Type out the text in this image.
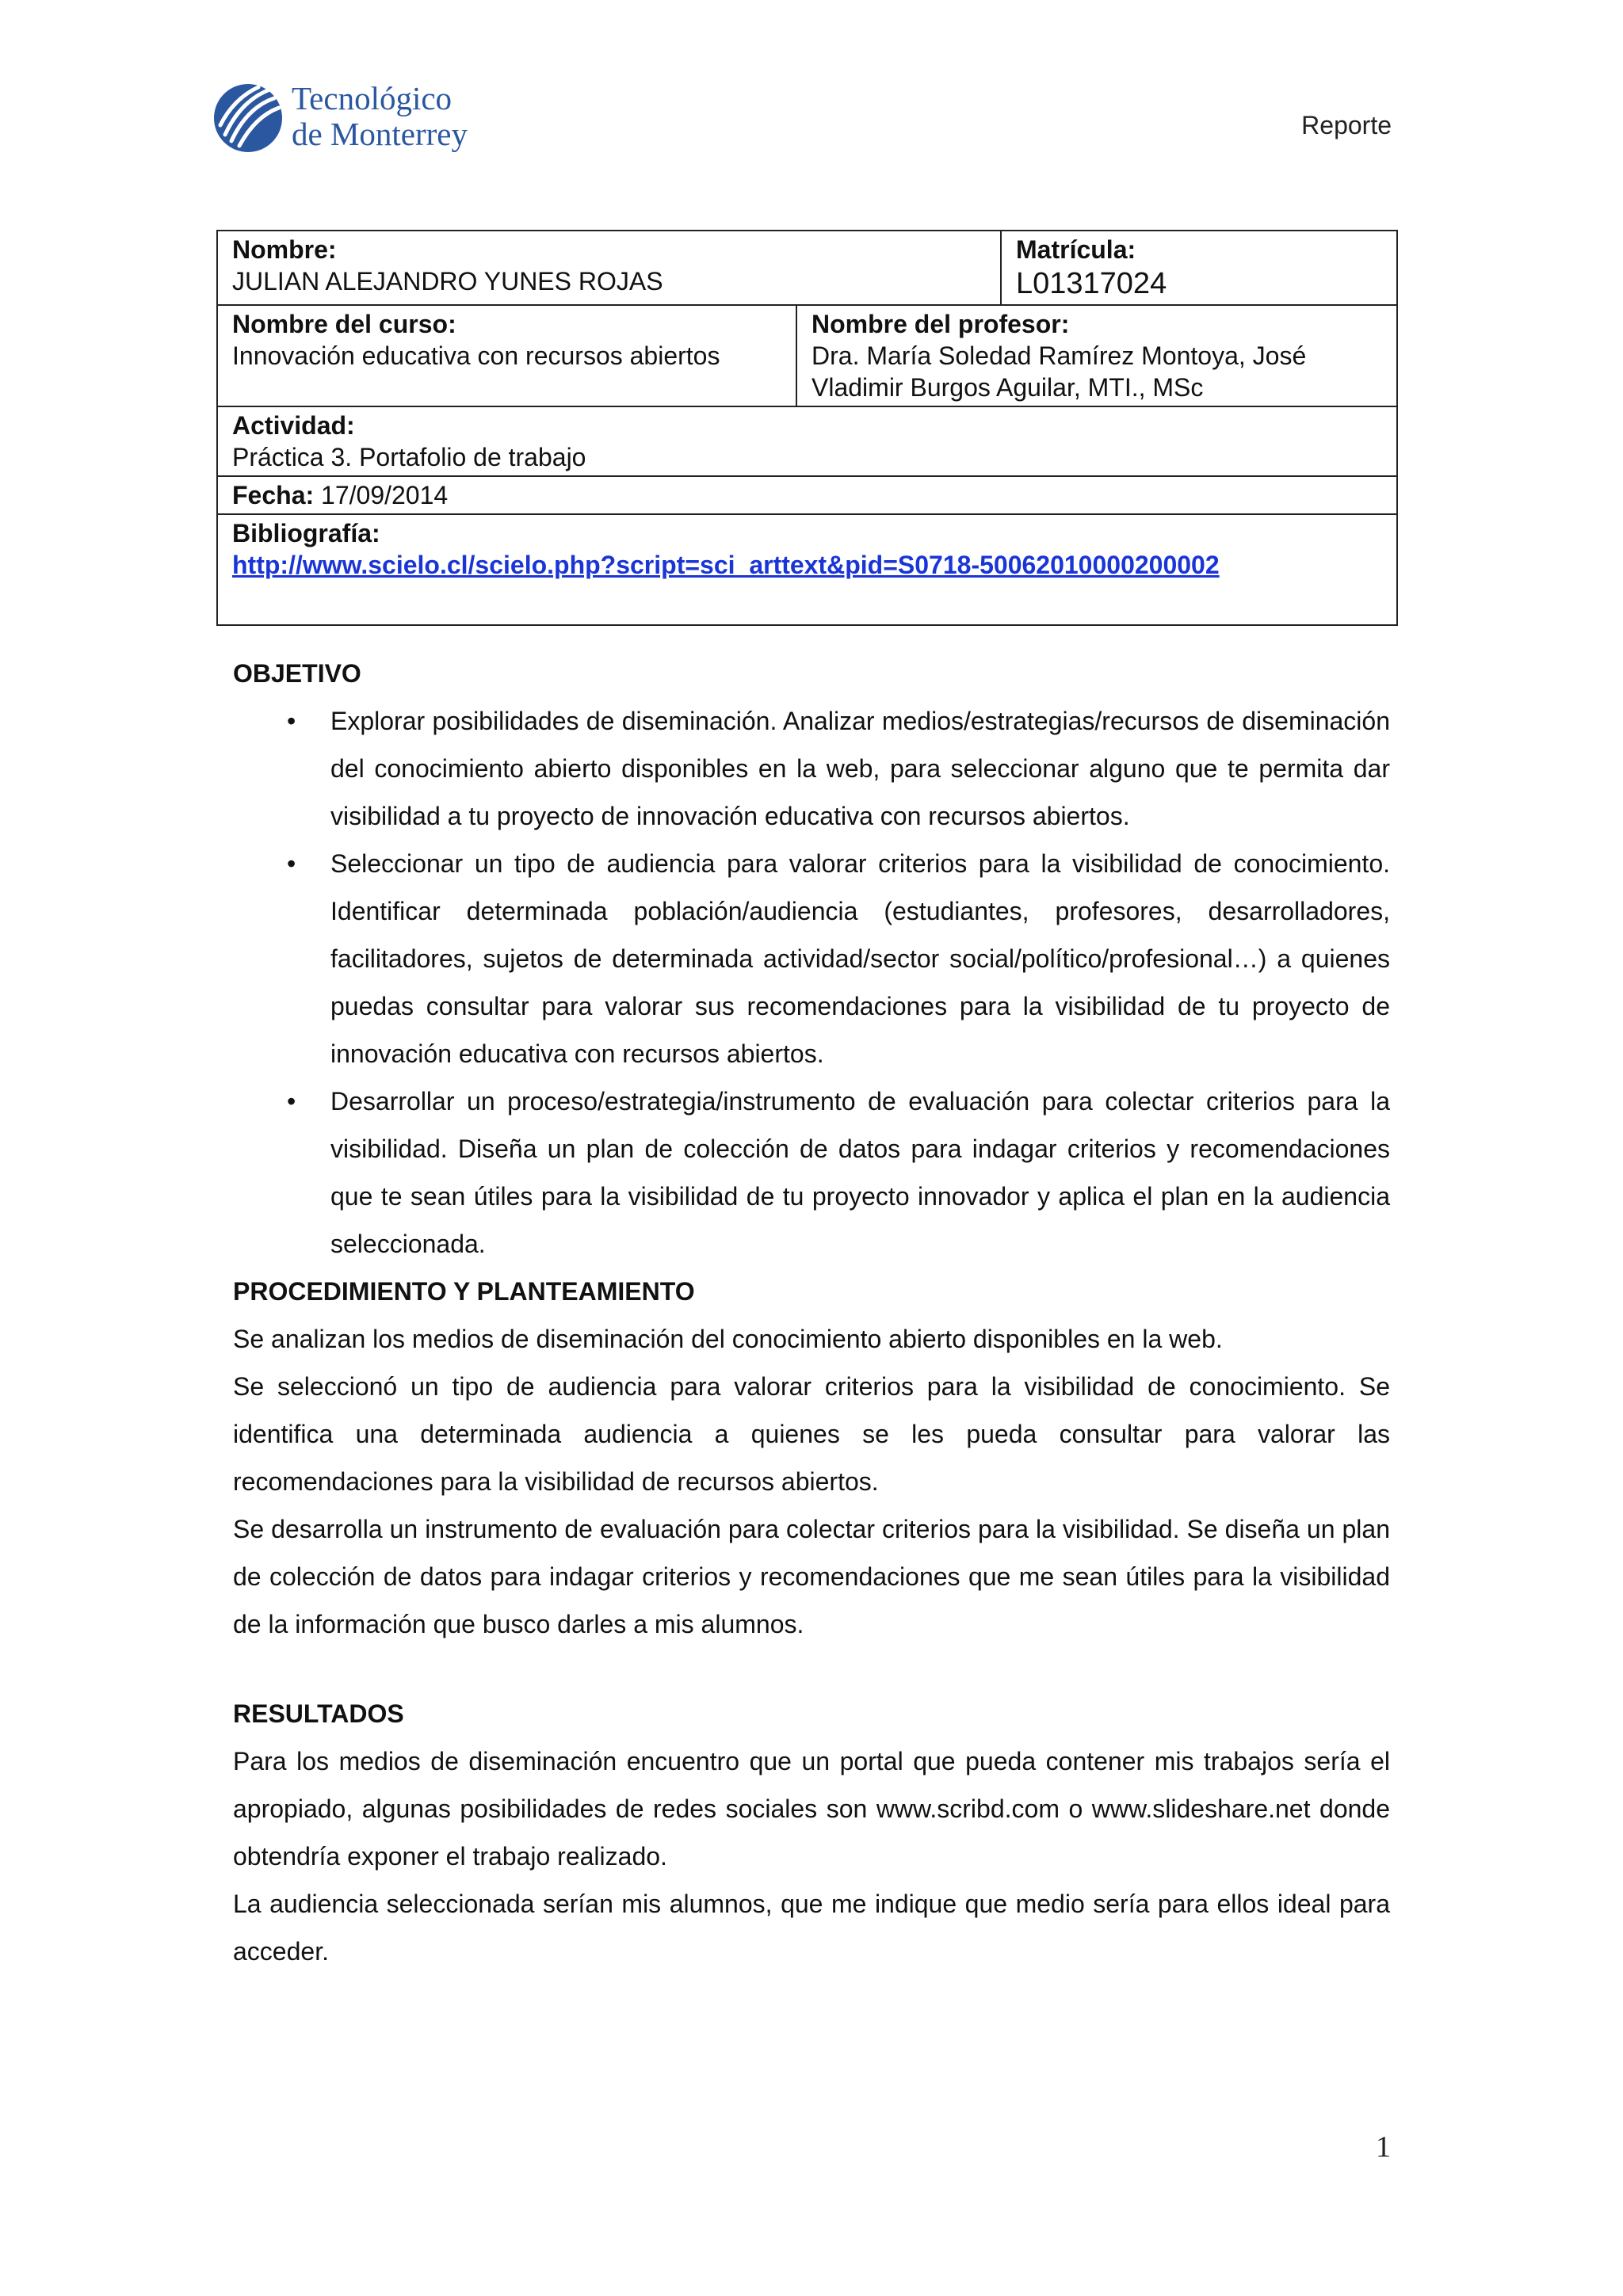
Tecnológico
de Monterrey	Reporte
Nombre:
JULIAN ALEJANDRO YUNES ROJAS
Matrícula:
L01317024
Nombre del curso:
Innovación educativa con recursos abiertos
Nombre del profesor:
Dra. María Soledad Ramírez Montoya, José Vladimir Burgos Aguilar, MTI., MSc
Actividad:
Práctica 3. Portafolio de trabajo
Fecha: 17/09/2014
Bibliografía:
http://www.scielo.cl/scielo.php?script=sci_arttext&pid=S0718-50062010000200002

OBJETIVO

• Explorar posibilidades de diseminación. Analizar medios/estrategias/recursos de diseminación del conocimiento abierto disponibles en la web, para seleccionar alguno que te permita dar visibilidad a tu proyecto de innovación educativa con recursos abiertos.
• Seleccionar un tipo de audiencia para valorar criterios para la visibilidad de conocimiento. Identificar determinada población/audiencia (estudiantes, profesores, desarrolladores, facilitadores, sujetos de determinada actividad/sector social/político/profesional…) a quienes puedas consultar para valorar sus recomendaciones para la visibilidad de tu proyecto de innovación educativa con recursos abiertos.
• Desarrollar un proceso/estrategia/instrumento de evaluación para colectar criterios para la visibilidad. Diseña un plan de colección de datos para indagar criterios y recomendaciones que te sean útiles para la visibilidad de tu proyecto innovador y aplica el plan en la audiencia seleccionada.

PROCEDIMIENTO Y PLANTEAMIENTO

Se analizan los medios de diseminación del conocimiento abierto disponibles en la web.

Se seleccionó un tipo de audiencia para valorar criterios para la visibilidad de conocimiento. Se identifica una determinada audiencia a quienes se les pueda consultar para valorar las recomendaciones para la visibilidad de recursos abiertos.

Se desarrolla un instrumento de evaluación para colectar criterios para la visibilidad. Se diseña un plan de colección de datos para indagar criterios y recomendaciones que me sean útiles para la visibilidad de la información que busco darles a mis alumnos.

RESULTADOS

Para los medios de diseminación encuentro que un portal que pueda contener mis trabajos sería el apropiado, algunas posibilidades de redes sociales son www.scribd.com o www.slideshare.net donde obtendría exponer el trabajo realizado.

La audiencia seleccionada serían mis alumnos, que me indique que medio sería para ellos ideal para acceder.

1
